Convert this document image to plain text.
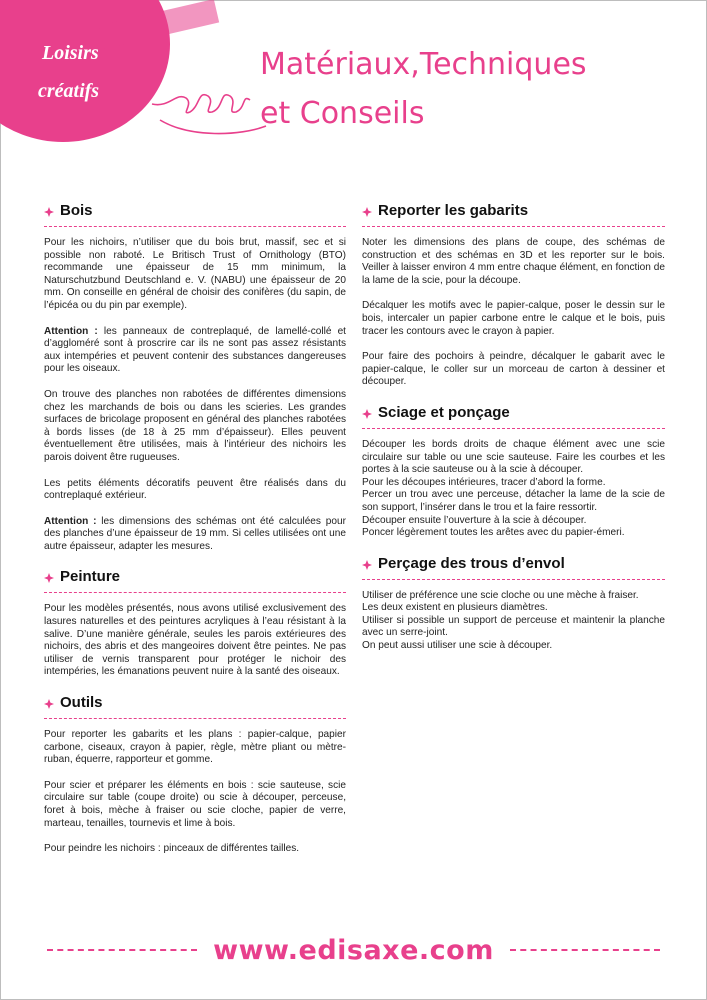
Loisirs
créatifs
Matériaux,Techniques
et Conseils
Bois

Pour les nichoirs, n’utiliser que du bois brut, massif, sec et si possible non raboté. Le Britisch Trust of Ornithology (BTO) recommande une épaisseur de 15 mm minimum, la Naturschutzbund Deutschland e. V. (NABU) une épaisseur de 20 mm. On conseille en général de choisir des conifères (du sapin, de l’épicéa ou du pin par exemple).

Attention : les panneaux de contreplaqué, de lamellé-collé et d’aggloméré sont à proscrire car ils ne sont pas assez résistants aux intempéries et peuvent contenir des substances dangereuses pour les oiseaux.

On trouve des planches non rabotées de différentes dimensions chez les marchands de bois ou dans les scieries. Les grandes surfaces de bricolage proposent en général des planches rabotées à bords lisses (de 18 à 25 mm d’épaisseur). Elles peuvent éventuellement être utilisées, mais à l’intérieur des nichoirs les parois doivent être rugueuses.

Les petits éléments décoratifs peuvent être réalisés dans du contreplaqué extérieur.

Attention : les dimensions des schémas ont été calculées pour des planches d’une épaisseur de 19 mm. Si celles utilisées ont une autre épaisseur, adapter les mesures.

Peinture

Pour les modèles présentés, nous avons utilisé exclusivement des lasures naturelles et des peintures acryliques à l’eau résistant à la salive. D’une manière générale, seules les parois extérieures des nichoirs, des abris et des mangeoires doivent être peintes. Ne pas utiliser de vernis transparent pour protéger le nichoir des intempéries, les émanations peuvent nuire à la santé des oiseaux.

Outils

Pour reporter les gabarits et les plans : papier-calque, papier carbone, ciseaux, crayon à papier, règle, mètre pliant ou mètre-ruban, équerre, rapporteur et gomme.

Pour scier et préparer les éléments en bois : scie sauteuse, scie circulaire sur table (coupe droite) ou scie à découper, perceuse, foret à bois, mèche à fraiser ou scie cloche, papier de verre, marteau, tenailles, tournevis et lime à bois.

Pour peindre les nichoirs : pinceaux de différentes tailles.

Reporter les gabarits

Noter les dimensions des plans de coupe, des schémas de construction et des schémas en 3D et les reporter sur le bois. Veiller à laisser environ 4 mm entre chaque élément, en fonction de la lame de la scie, pour la découpe.

Décalquer les motifs avec le papier-calque, poser le dessin sur le bois, intercaler un papier carbone entre le calque et le bois, puis tracer les contours avec le crayon à papier.

Pour faire des pochoirs à peindre, décalquer le gabarit avec le papier-calque, le coller sur un morceau de carton à dessiner et découper.

Sciage et ponçage

Découper les bords droits de chaque élément avec une scie circulaire sur table ou une scie sauteuse. Faire les courbes et les portes à la scie sauteuse ou à la scie à découper.
Pour les découpes intérieures, tracer d’abord la forme.
Percer un trou avec une perceuse, détacher la lame de la scie de son support, l’insérer dans le trou et la faire ressortir.
Découper ensuite l’ouverture à la scie à découper.
Poncer légèrement toutes les arêtes avec du papier-émeri.

Perçage des trous d’envol

Utiliser de préférence une scie cloche ou une mèche à fraiser.
Les deux existent en plusieurs diamètres.
Utiliser si possible un support de perceuse et maintenir la planche avec un serre-joint.
On peut aussi utiliser une scie à découper.

www.edisaxe.com
